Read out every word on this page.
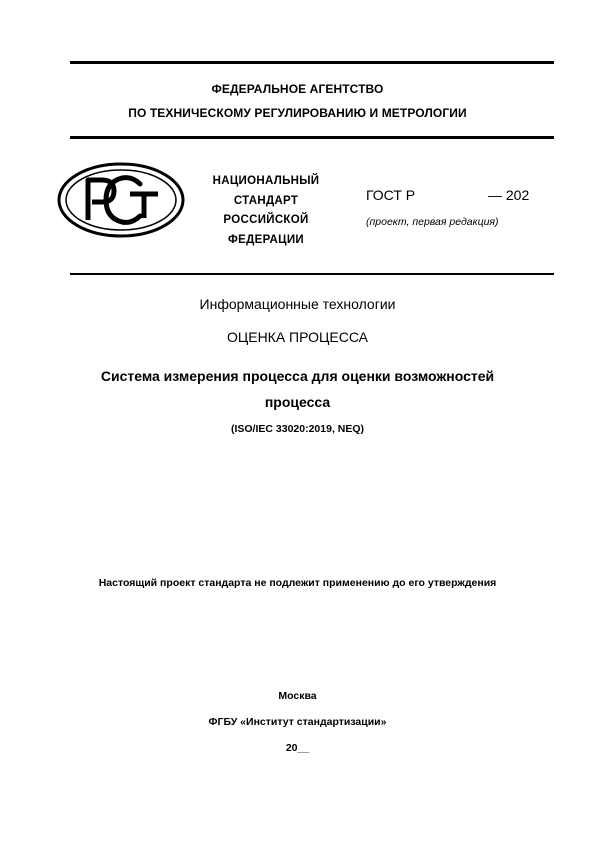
ФЕДЕРАЛЬНОЕ АГЕНТСТВО
ПО ТЕХНИЧЕСКОМУ РЕГУЛИРОВАНИЮ И МЕТРОЛОГИИ
НАЦИОНАЛЬНЫЙ
СТАНДАРТ
РОССИЙСКОЙ
ФЕДЕРАЦИИ
ГОСТ Р	— 202
(проект, первая редакция)
Информационные технологии
ОЦЕНКА ПРОЦЕССА
Система измерения процесса для оценки возможностей
процесса
(ISO/IEC 33020:2019, NEQ)
Настоящий проект стандарта не подлежит применению до его утверждения
Москва
ФГБУ «Институт стандартизации»
20__
